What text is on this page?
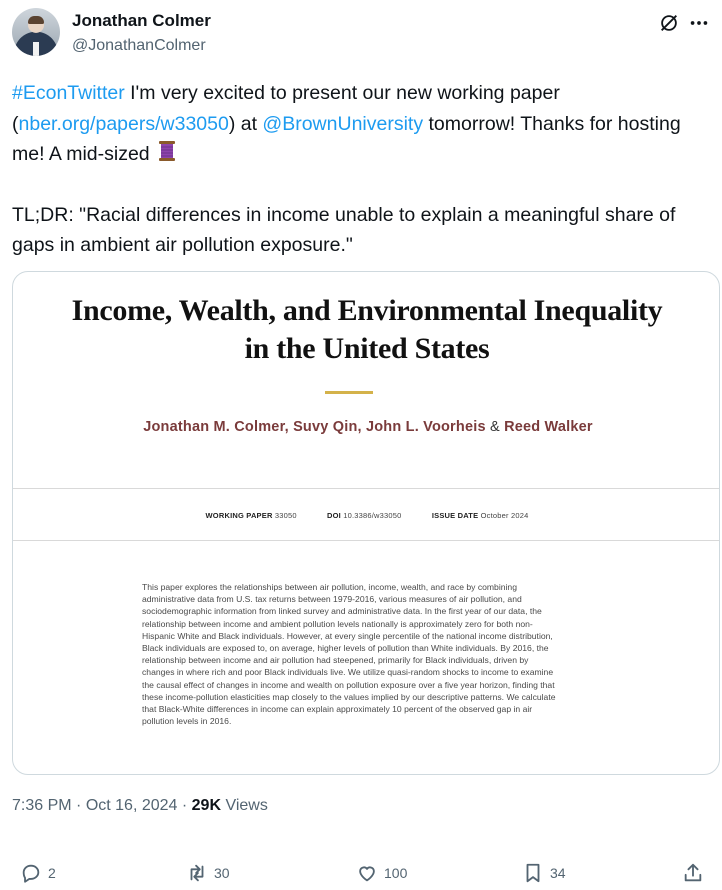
Jonathan Colmer
@JonathanColmer

#EconTwitter I'm very excited to present our new working paper (nber.org/papers/w33050) at @BrownUniversity tomorrow! Thanks for hosting me! A mid-sized

TL;DR: "Racial differences in income unable to explain a meaningful share of gaps in ambient air pollution exposure."

Income, Wealth, and Environmental Inequality
in the United States
Jonathan M. Colmer, Suvy Qin, John L. Voorheis & Reed Walker
WORKING PAPER 33050	DOI 10.3386/w33050	ISSUE DATE October 2024
This paper explores the relationships between air pollution, income, wealth, and race by combining administrative data from U.S. tax returns between 1979-2016, various measures of air pollution, and sociodemographic information from linked survey and administrative data. In the first year of our data, the relationship between income and ambient pollution levels nationally is approximately zero for both non-Hispanic White and Black individuals. However, at every single percentile of the national income distribution, Black individuals are exposed to, on average, higher levels of pollution than White individuals. By 2016, the relationship between income and air pollution had steepened, primarily for Black individuals, driven by changes in where rich and poor Black individuals live. We utilize quasi-random shocks to income to examine the causal effect of changes in income and wealth on pollution exposure over a five year horizon, finding that these income-pollution elasticities map closely to the values implied by our descriptive patterns. We calculate that Black-White differences in income can explain approximately 10 percent of the observed gap in air pollution levels in 2016.
7:36 PM · Oct 16, 2024 · 29K Views
2	30	100	34
